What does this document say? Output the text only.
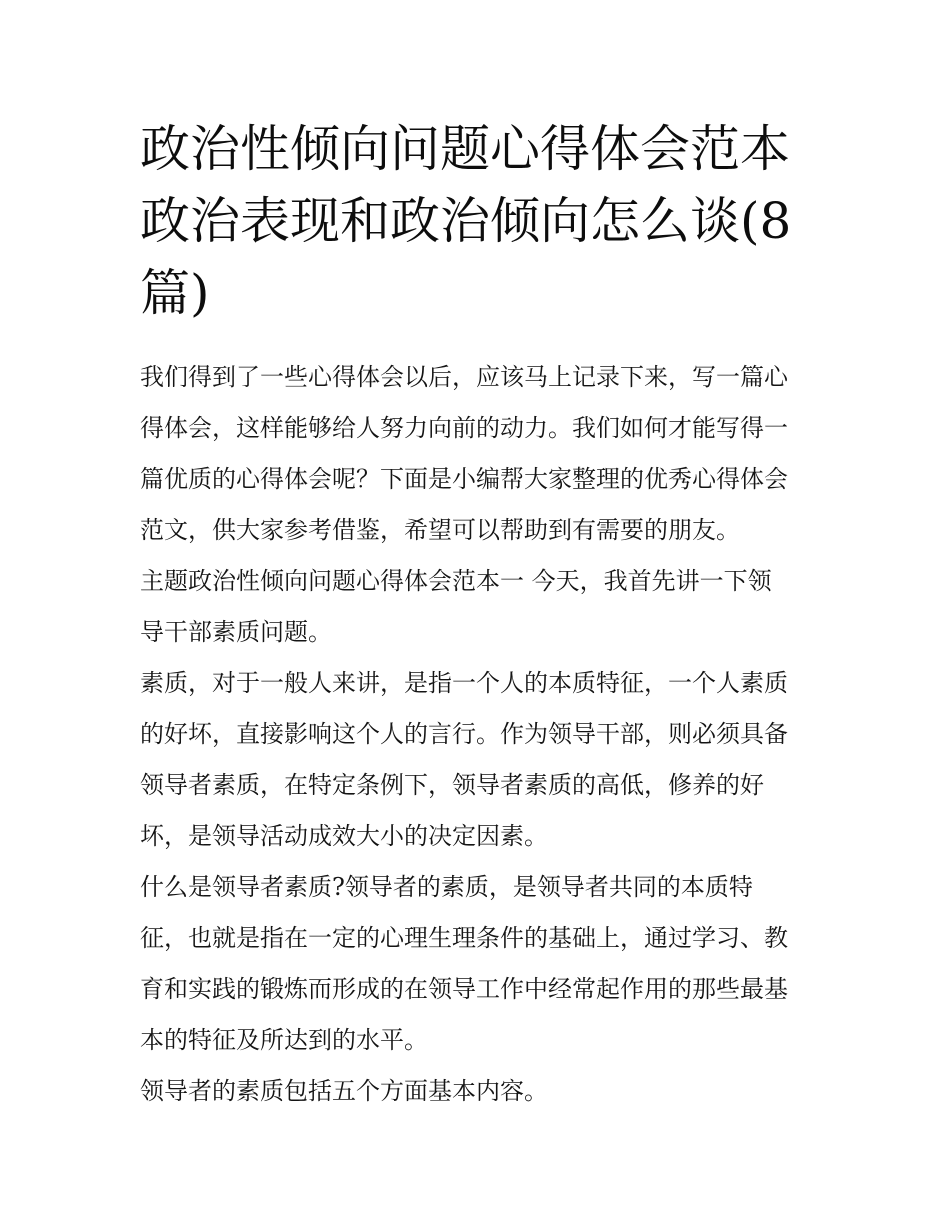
政治性倾向问题心得体会范本
政治表现和政治倾向怎么谈(8
篇)
我们得到了一些心得体会以后，应该马上记录下来，写一篇心
得体会，这样能够给人努力向前的动力。我们如何才能写得一
篇优质的心得体会呢？下面是小编帮大家整理的优秀心得体会
范文，供大家参考借鉴，希望可以帮助到有需要的朋友。
主题政治性倾向问题心得体会范本一 今天，我首先讲一下领
导干部素质问题。
素质，对于一般人来讲，是指一个人的本质特征，一个人素质
的好坏，直接影响这个人的言行。作为领导干部，则必须具备
领导者素质，在特定条例下，领导者素质的高低，修养的好
坏，是领导活动成效大小的决定因素。
什么是领导者素质?领导者的素质，是领导者共同的本质特
征，也就是指在一定的心理生理条件的基础上，通过学习、教
育和实践的锻炼而形成的在领导工作中经常起作用的那些最基
本的特征及所达到的水平。
领导者的素质包括五个方面基本内容。
